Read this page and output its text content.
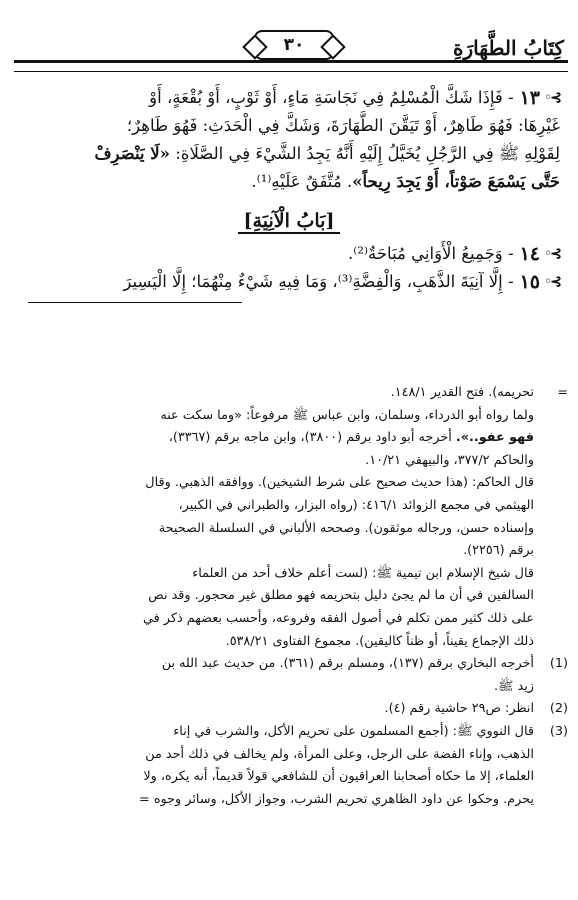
كِتَابُ الطَّهَارَةِ
٣٠
⊱◦
١٣
- فَإِذَا شَكَّ الْمُسْلِمُ فِي نَجَاسَةِ مَاءٍ، أَوْ ثَوْبٍ، أَوْ بُقْعَةٍ، أَوْ
غَيْرِهَا: فَهُوَ طَاهِرٌ، أَوْ تَيَقَّنَ الطَّهَارَةَ، وَشَكَّ فِي الْحَدَثِ: فَهُوَ طَاهِرٌ؛
لِقَوْلِهِ ﷺ فِي الرَّجُلِ يُخَيَّلُ إِلَيْهِ أَنَّهُ يَجِدُ الشَّيْءَ فِي الصَّلَاةِ: «لَا يَنْصَرِفْ
حَتَّى يَسْمَعَ صَوْتاً، أَوْ يَجِدَ رِيحاً». مُتَّفَقٌ عَلَيْهِ⁽¹⁾.
[بَابُ الْآنِيَةِ]
⊱◦
١٤
- وَجَمِيعُ الْأَوَانِي مُبَاحَةٌ⁽²⁾.
⊱◦
١٥
- إِلَّا آنِيَةَ الذَّهَبِ، وَالْفِضَّةِ⁽³⁾، وَمَا فِيهِ شَيْءٌ مِنْهُمَا؛ إِلَّا الْيَسِيرَ
=
تحريمه). فتح القدير ١٤٨/١.
ولما رواه أبو الدرداء، وسلمان، وابن عباس ﷺ مرفوعاً: «وما سكت عنه
فهو عفو..». أخرجه أبو داود برقم (٣٨٠٠)، وابن ماجه برقم (٣٣٦٧)،
والحاكم ٣٧٧/٢، والبيهقي ١٠/٢١.
قال الحاكم: (هذا حديث صحيح على شرط الشيخين). ووافقه الذهبي. وقال
الهيثمي في مجمع الزوائد ٤١٦/١: (رواه البزار، والطبراني في الكبير،
وإسناده حسن، ورجاله موثقون). وصححه الألباني في السلسلة الصحيحة
برقم (٢٢٥٦).
قال شيخ الإسلام ابن تيمية ﷺ: (لست أعلم خلاف أحد من العلماء
السالفين في أن ما لم يجئ دليل بتحريمه فهو مطلق غير محجور. وقد نص
على ذلك كثير ممن تكلم في أصول الفقه وفروعه، وأحسب بعضهم ذكر في
ذلك الإجماع يقيناً، أو ظناً كاليقين). مجموع الفتاوى ٥٣٨/٢١.
(1)
أخرجه البخاري برقم (١٣٧)، ومسلم برقم (٣٦١). من حديث عبد الله بن
زيد ﷺ.
(2)
انظر: ص٢٩ حاشية رقم (٤).
(3)
قال النووي ﷺ: (أجمع المسلمون على تحريم الأكل، والشرب في إناء
الذهب، وإناء الفضة على الرجل، وعلى المرأة، ولم يخالف في ذلك أحد من
العلماء، إلا ما حكاه أصحابنا العراقيون أن للشافعي قولاً قديماً، أنه يكره، ولا
يحرم. وحكوا عن داود الظاهري تحريم الشرب، وجواز الأكل، وسائر وجوه =
